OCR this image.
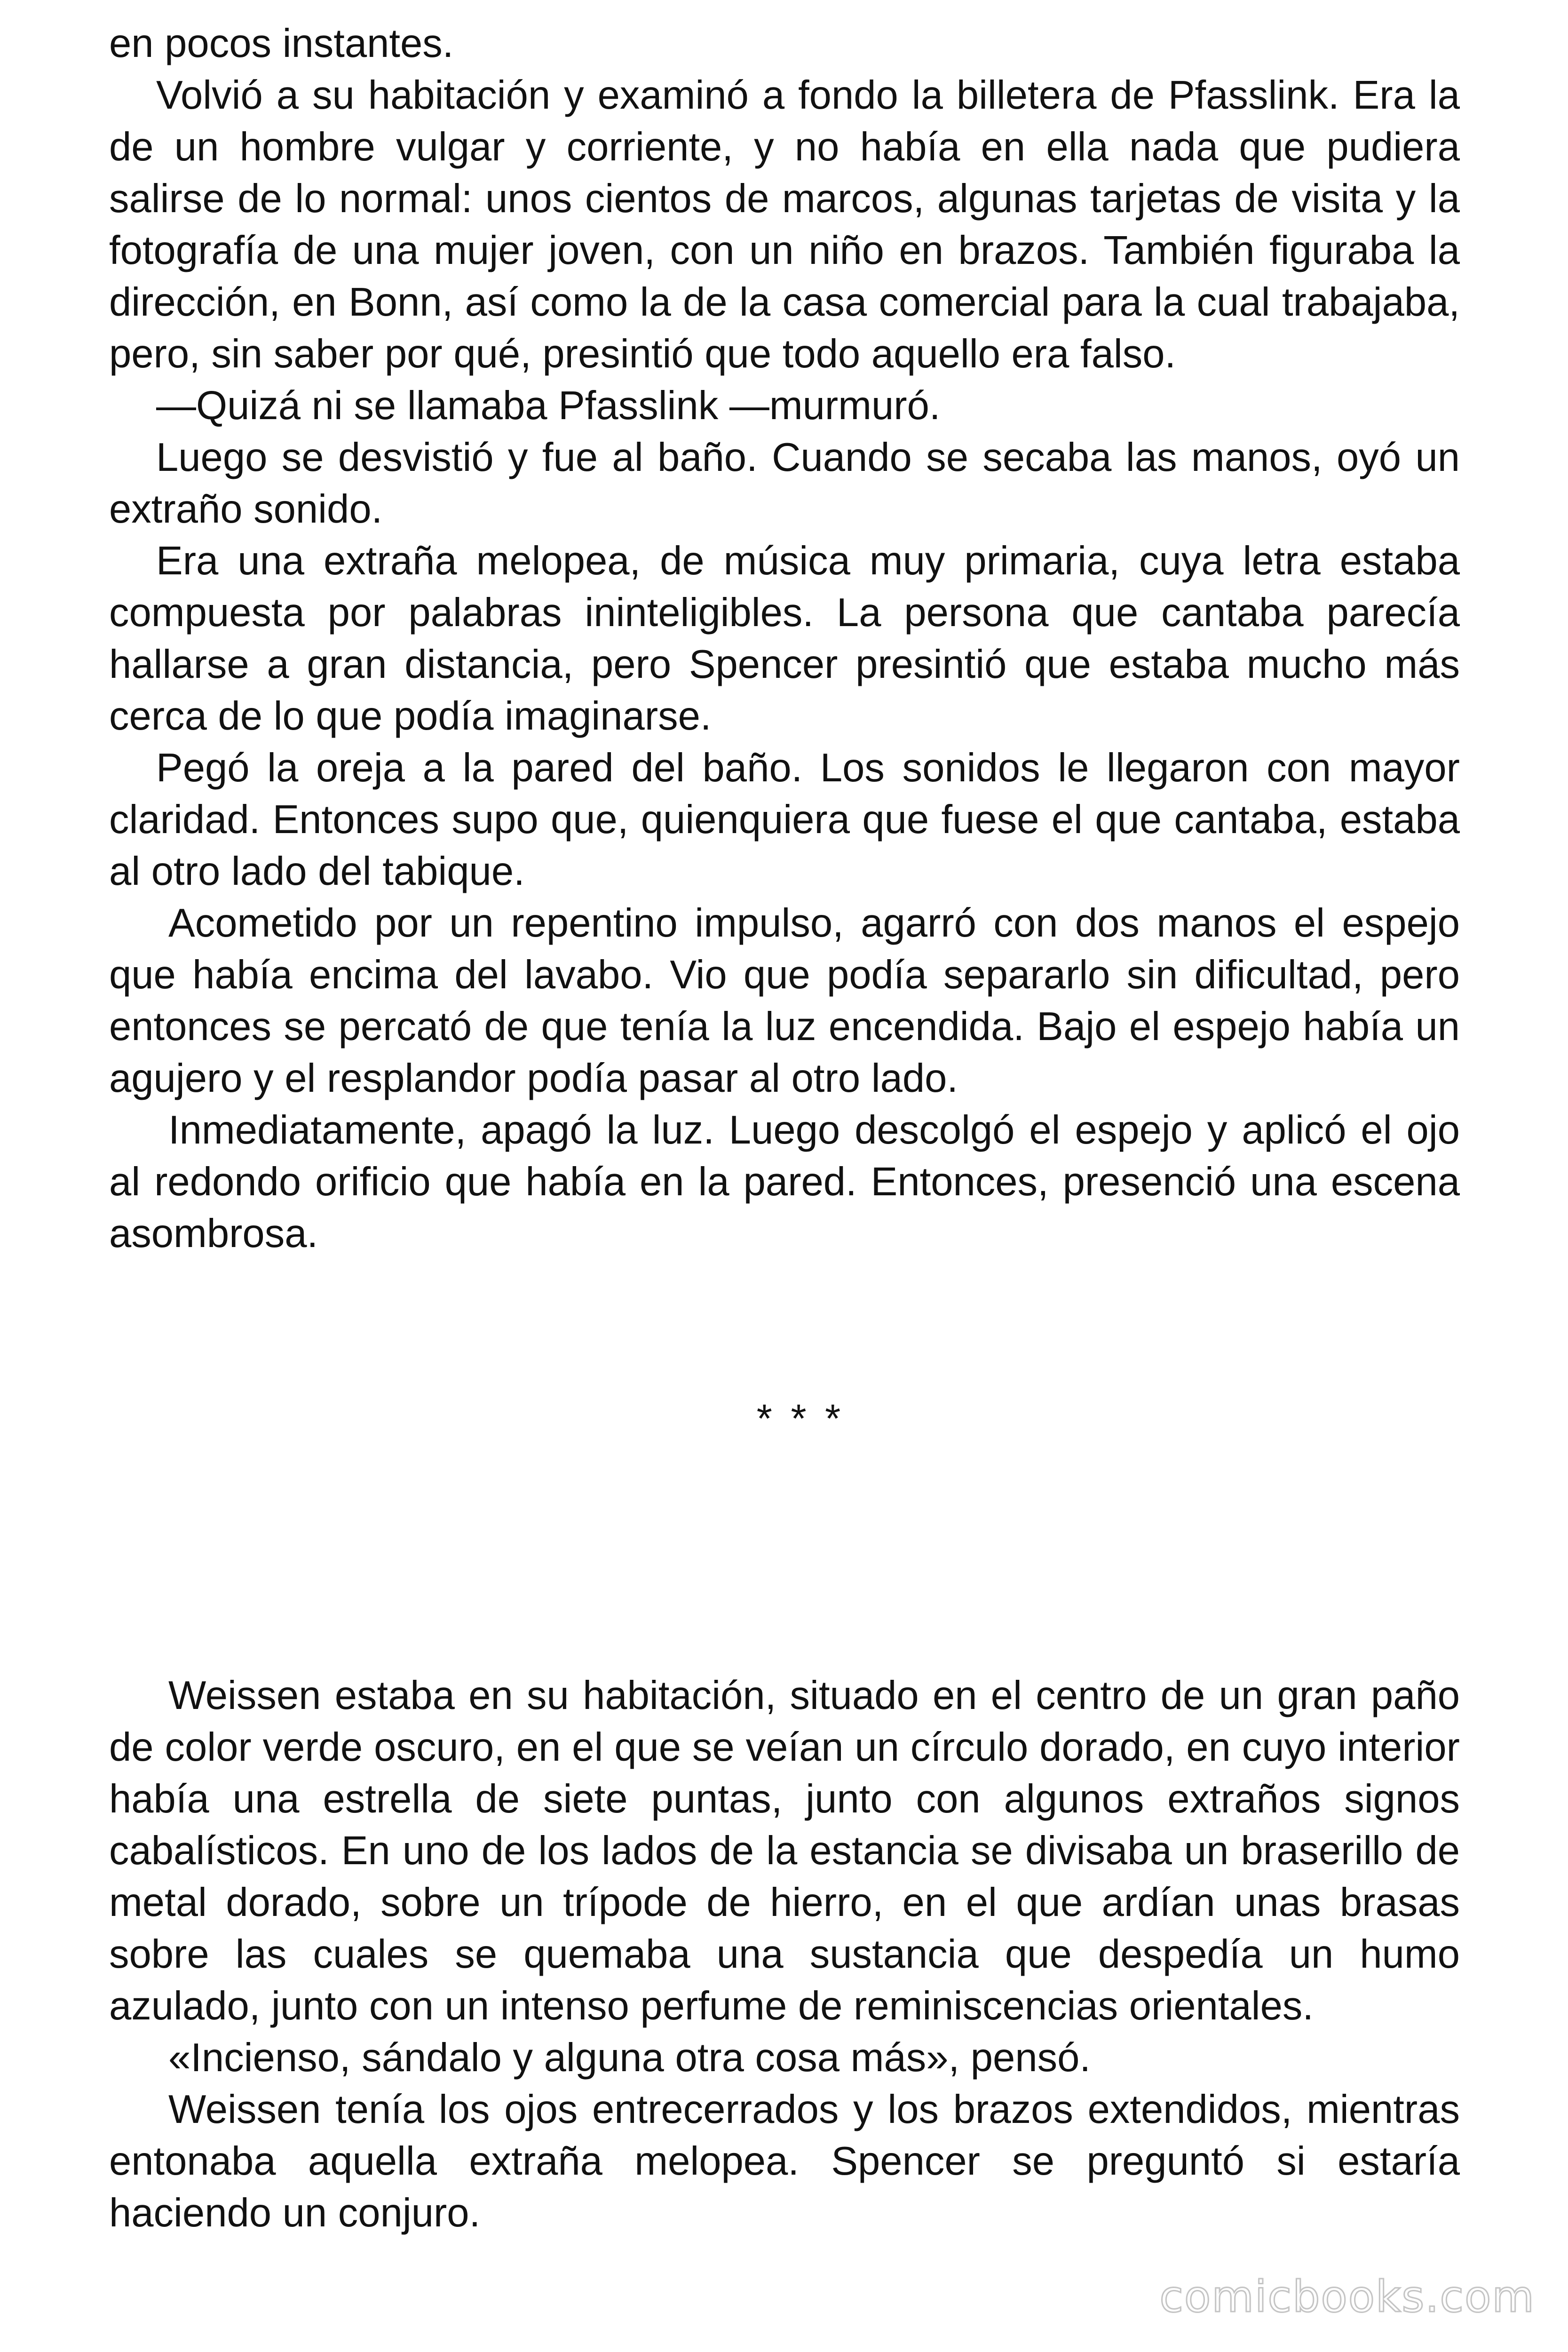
en pocos instantes.

Volvió a su habitación y examinó a fondo la billetera de Pfasslink. Era la de un hombre vulgar y corriente, y no había en ella nada que pudiera salirse de lo normal: unos cientos de marcos, algunas tarjetas de visita y la fotografía de una mujer joven, con un niño en brazos. También figuraba la dirección, en Bonn, así como la de la casa comercial para la cual trabajaba, pero, sin saber por qué, presintió que todo aquello era falso.

—Quizá ni se llamaba Pfasslink —murmuró.

Luego se desvistió y fue al baño. Cuando se secaba las manos, oyó un extraño sonido.

Era una extraña melopea, de música muy primaria, cuya letra estaba compuesta por palabras ininteligibles. La persona que cantaba parecía hallarse a gran distancia, pero Spencer presintió que estaba mucho más cerca de lo que podía imaginarse.

Pegó la oreja a la pared del baño. Los sonidos le llegaron con mayor claridad. Entonces supo que, quienquiera que fuese el que cantaba, estaba al otro lado del tabique.

Acometido por un repentino impulso, agarró con dos manos el espejo que había encima del lavabo. Vio que podía separarlo sin dificultad, pero entonces se percató de que tenía la luz encendida. Bajo el espejo había un agujero y el resplandor podía pasar al otro lado.

Inmediatamente, apagó la luz. Luego descolgó el espejo y aplicó el ojo al redondo orificio que había en la pared. Entonces, presenció una escena asombrosa.

* * *

Weissen estaba en su habitación, situado en el centro de un gran paño de color verde oscuro, en el que se veían un círculo dorado, en cuyo interior había una estrella de siete puntas, junto con algunos extraños signos cabalísticos. En uno de los lados de la estancia se divisaba un braserillo de metal dorado, sobre un trípode de hierro, en el que ardían unas brasas sobre las cuales se quemaba una sustancia que despedía un humo azulado, junto con un intenso perfume de reminiscencias orientales.

«Incienso, sándalo y alguna otra cosa más», pensó.

Weissen tenía los ojos entrecerrados y los brazos extendidos, mientras entonaba aquella extraña melopea. Spencer se preguntó si estaría haciendo un conjuro.

comicbooks.com
